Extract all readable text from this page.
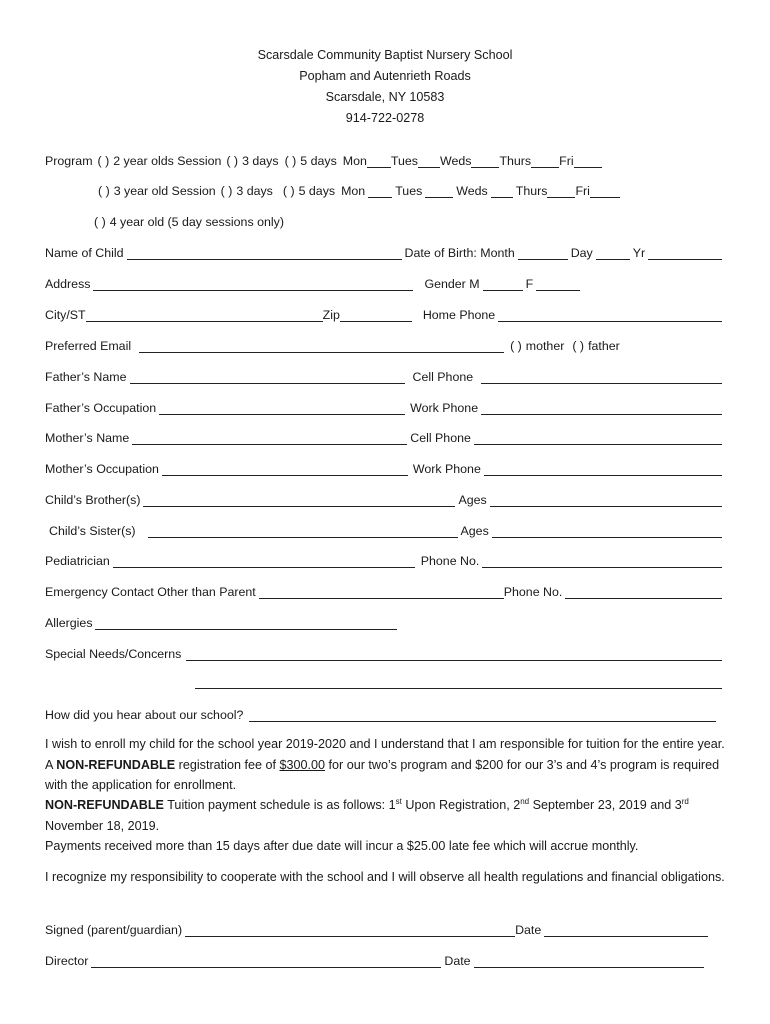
Scarsdale Community Baptist Nursery School
Popham and Autenrieth Roads
Scarsdale, NY 10583
914-722-0278
Program ( ) 2 year olds Session ( ) 3 days ( ) 5 days Mon Tues Weds Thurs Fri
( ) 3 year old Session ( ) 3 days ( ) 5 days Mon Tues	Weds Thurs Fri
( ) 4 year old (5 day sessions only)
Name of Child	Date of Birth: Month	Day	Yr
Address	Gender M	F
City/ST	Zip	Home Phone
Preferred Email	( ) mother ( ) father
Father’s Name	Cell Phone
Father’s Occupation	Work Phone
Mother’s Name	Cell Phone
Mother’s Occupation	Work Phone
Child’s Brother(s)	Ages
Child’s Sister(s)	Ages
Pediatrician	Phone No.
Emergency Contact Other than Parent	Phone No.
Allergies
Special Needs/Concerns
How did you hear about our school?
I wish to enroll my child for the school year 2019-2020 and I understand that I am responsible for tuition for the entire year. A NON-REFUNDABLE registration fee of $300.00 for our two’s program and $200 for our 3’s and 4’s program is required with the application for enrollment.
NON-REFUNDABLE Tuition payment schedule is as follows: 1st Upon Registration, 2nd September 23, 2019 and 3rd November 18, 2019.
Payments received more than 15 days after due date will incur a $25.00 late fee which will accrue monthly.
I recognize my responsibility to cooperate with the school and I will observe all health regulations and financial obligations.
Signed (parent/guardian)	Date
Director	Date
